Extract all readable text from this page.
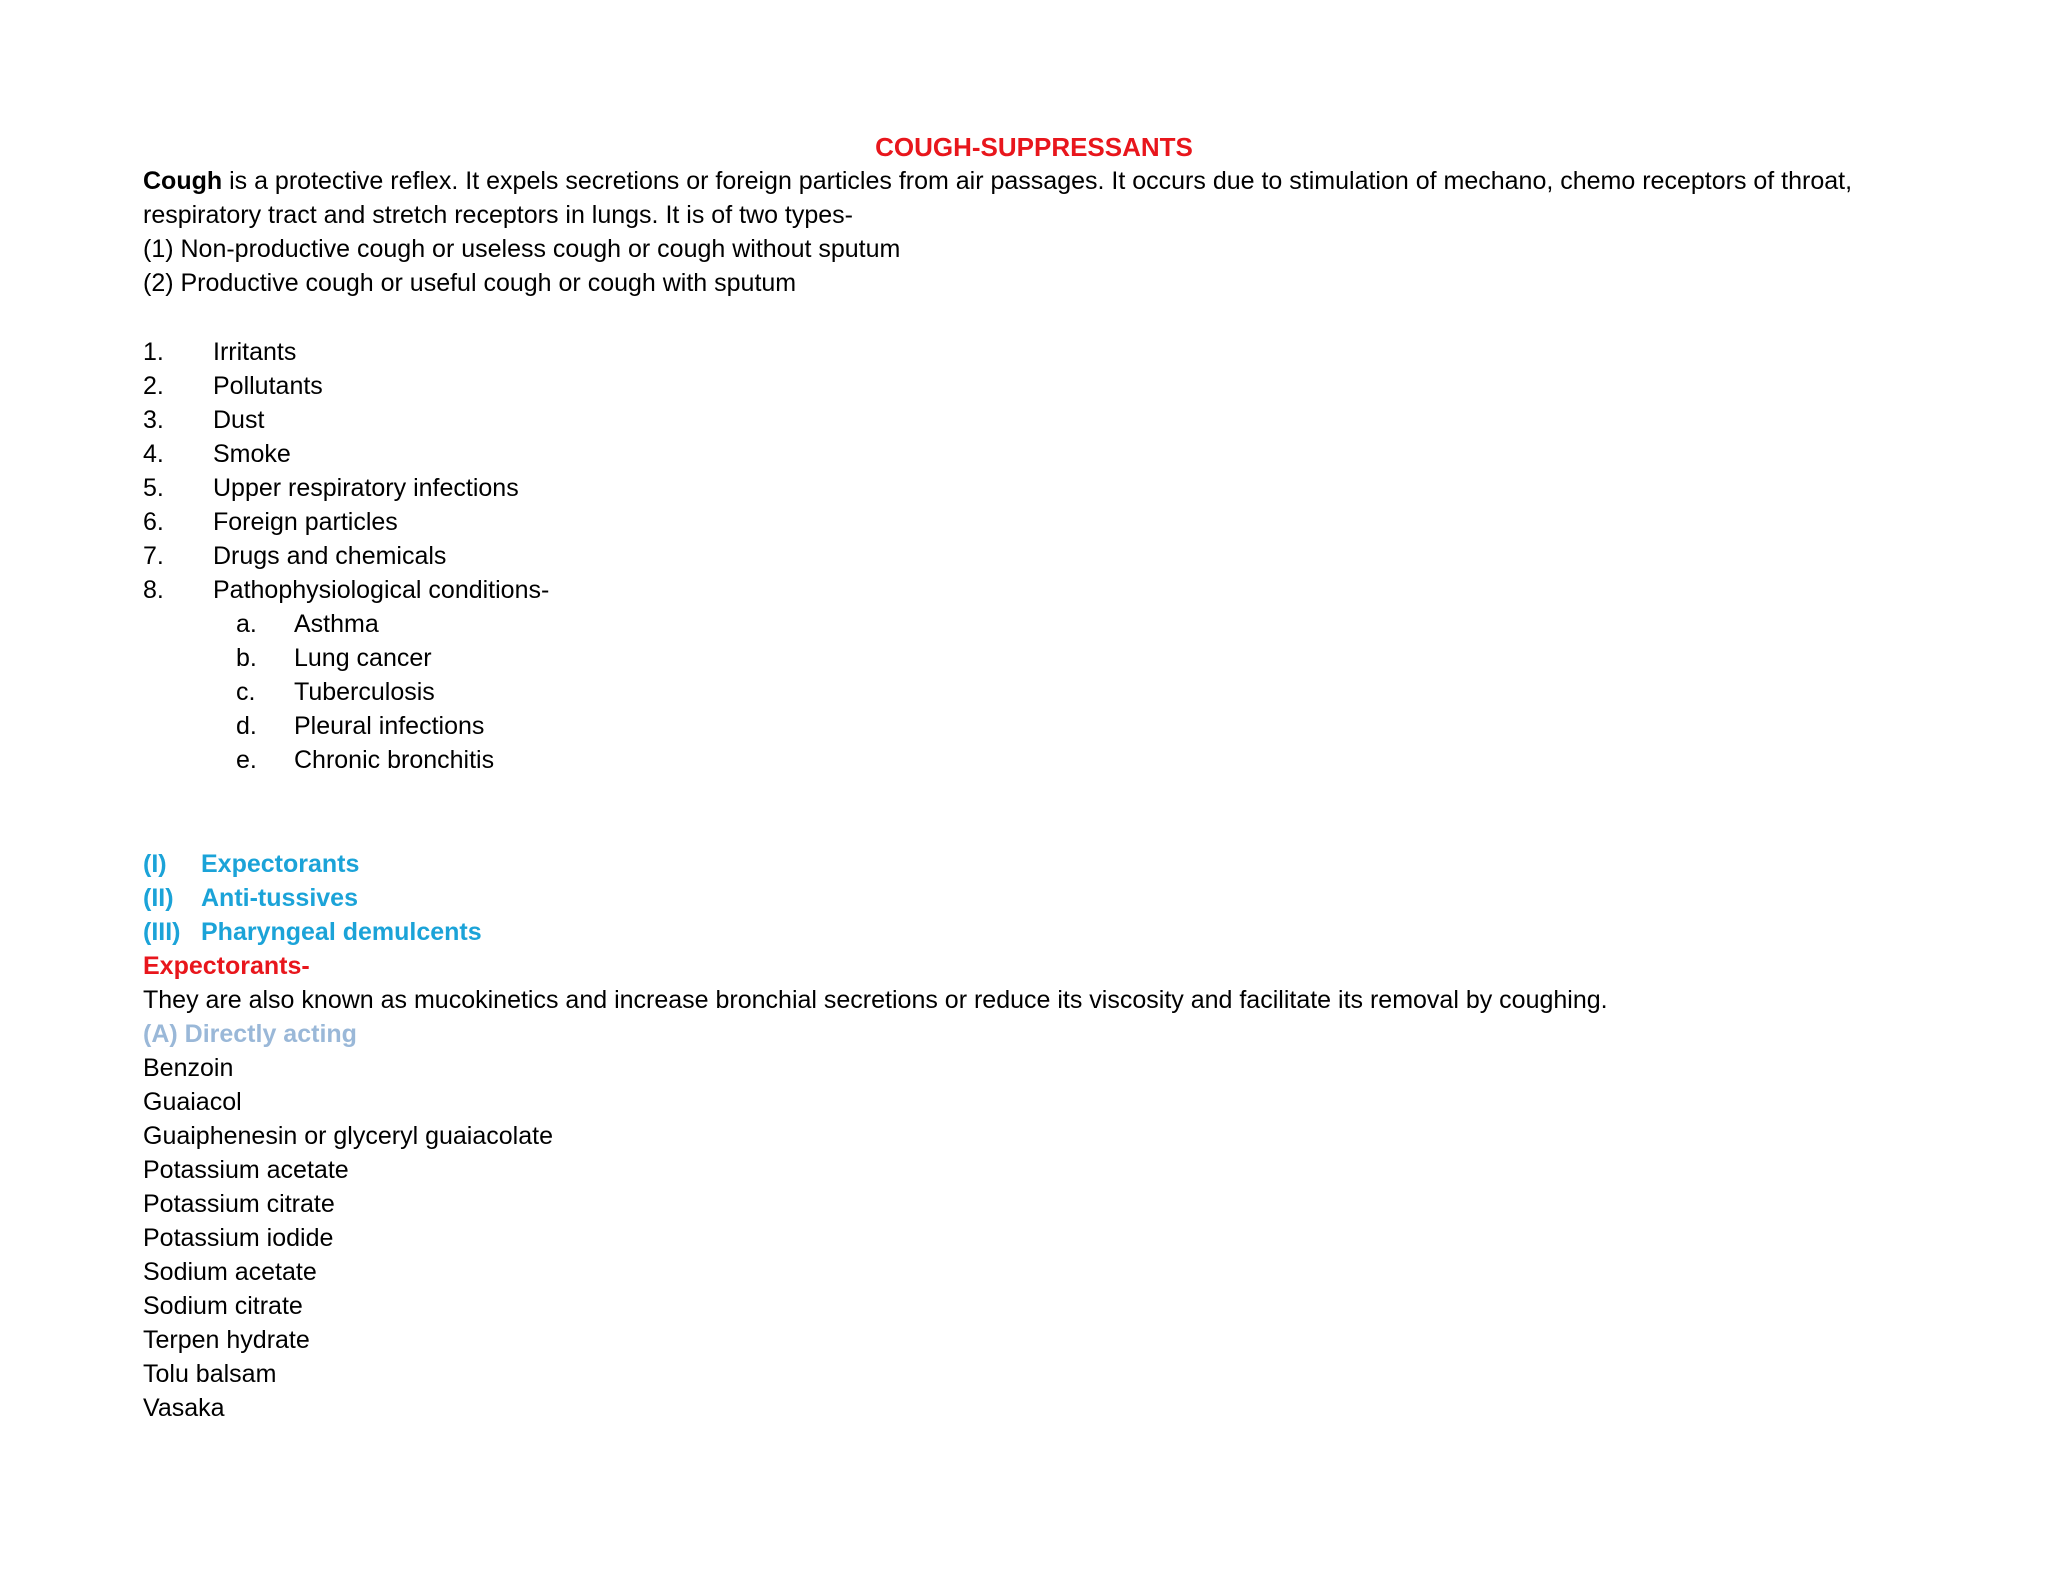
COUGH-SUPPRESSANTS
Cough is a protective reflex. It expels secretions or foreign particles from air passages. It occurs due to stimulation of mechano, chemo receptors of throat,
respiratory tract and stretch receptors in lungs. It is of two types-
(1) Non-productive cough or useless cough or cough without sputum
(2) Productive cough or useful cough or cough with sputum
1. Irritants
2. Pollutants
3. Dust
4. Smoke
5. Upper respiratory infections
6. Foreign particles
7. Drugs and chemicals
8. Pathophysiological conditions-
a. Asthma
b. Lung cancer
c. Tuberculosis
d. Pleural infections
e. Chronic bronchitis
(I) Expectorants
(II) Anti-tussives
(III) Pharyngeal demulcents
Expectorants-
They are also known as mucokinetics and increase bronchial secretions or reduce its viscosity and facilitate its removal by coughing.
(A) Directly acting
Benzoin
Guaiacol
Guaiphenesin or glyceryl guaiacolate
Potassium acetate
Potassium citrate
Potassium iodide
Sodium acetate
Sodium citrate
Terpen hydrate
Tolu balsam
Vasaka
